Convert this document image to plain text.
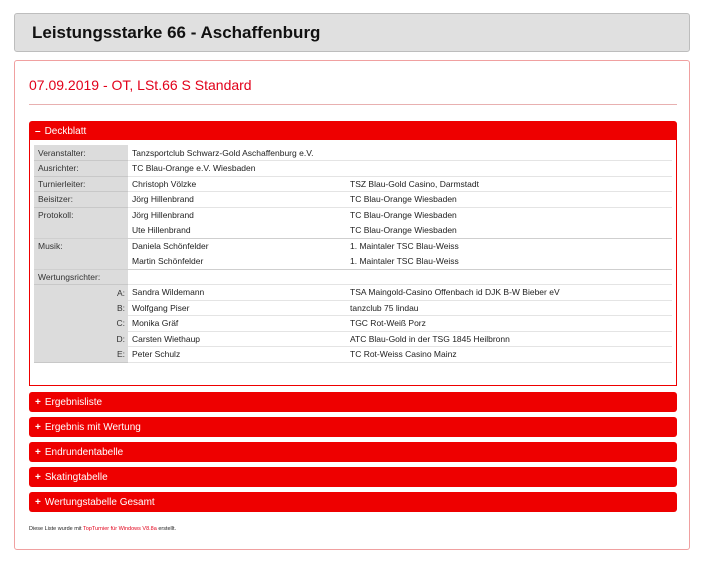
Leistungsstarke 66 - Aschaffenburg
07.09.2019 - OT, LSt.66 S Standard
– Deckblatt
Veranstalter:	Tanzsportclub Schwarz-Gold Aschaffenburg e.V.	
Ausrichter:	TC Blau-Orange e.V. Wiesbaden	
Turnierleiter:	Christoph Völzke	TSZ Blau-Gold Casino, Darmstadt
Beisitzer:	Jörg Hillenbrand	TC Blau-Orange Wiesbaden
Protokoll:	Jörg Hillenbrand	TC Blau-Orange Wiesbaden
	Ute Hillenbrand	TC Blau-Orange Wiesbaden
Musik:	Daniela Schönfelder	1. Maintaler TSC Blau-Weiss
	Martin Schönfelder	1. Maintaler TSC Blau-Weiss
Wertungsrichter:		
A:	Sandra Wildemann	TSA Maingold-Casino Offenbach id DJK B-W Bieber eV
B:	Wolfgang Piser	tanzclub 75 lindau
C:	Monika Gräf	TGC Rot-Weiß Porz
D:	Carsten Wiethaup	ATC Blau-Gold in der TSG 1845 Heilbronn
E:	Peter Schulz	TC Rot-Weiss Casino Mainz
+ Ergebnisliste
+ Ergebnis mit Wertung
+ Endrundentabelle
+ Skatingtabelle
+ Wertungstabelle Gesamt
Diese Liste wurde mit TopTurnier für Windows V8.8a erstellt.
